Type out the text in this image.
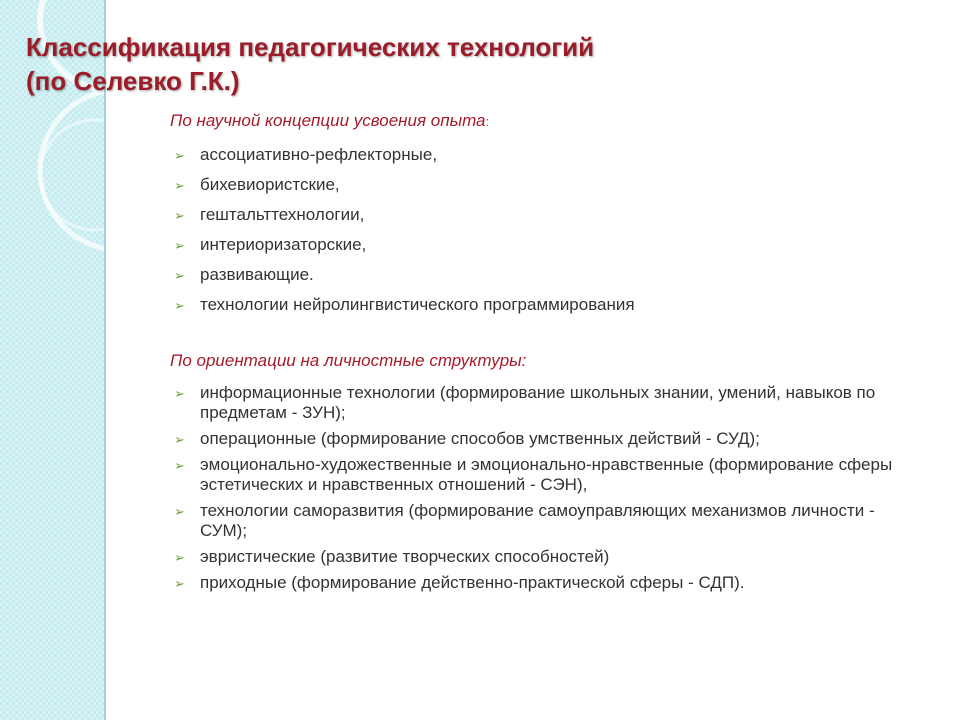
Классификация педагогических технологий
(по Селевко Г.К.)

По научной концепции усвоения опыта:

➢ ассоциативно-рефлекторные,
➢ бихевиористские,
➢ гештальттехнологии,
➢ интериоризаторские,
➢ развивающие.
➢ технологии нейролингвистического программирования

По ориентации на личностные структуры:

➢ информационные технологии (формирование школьных знании, умений, навыков по предметам - ЗУН);
➢ операционные (формирование способов умственных действий - СУД);
➢ эмоционально-художественные и эмоционально-нравственные (формирование сферы эстетических и нравственных отношений - СЭН),
➢ технологии саморазвития (формирование самоуправляющих механизмов личности - СУМ);
➢ эвристические (развитие творческих способностей)
➢ приходные (формирование действенно-практической сферы - СДП).
